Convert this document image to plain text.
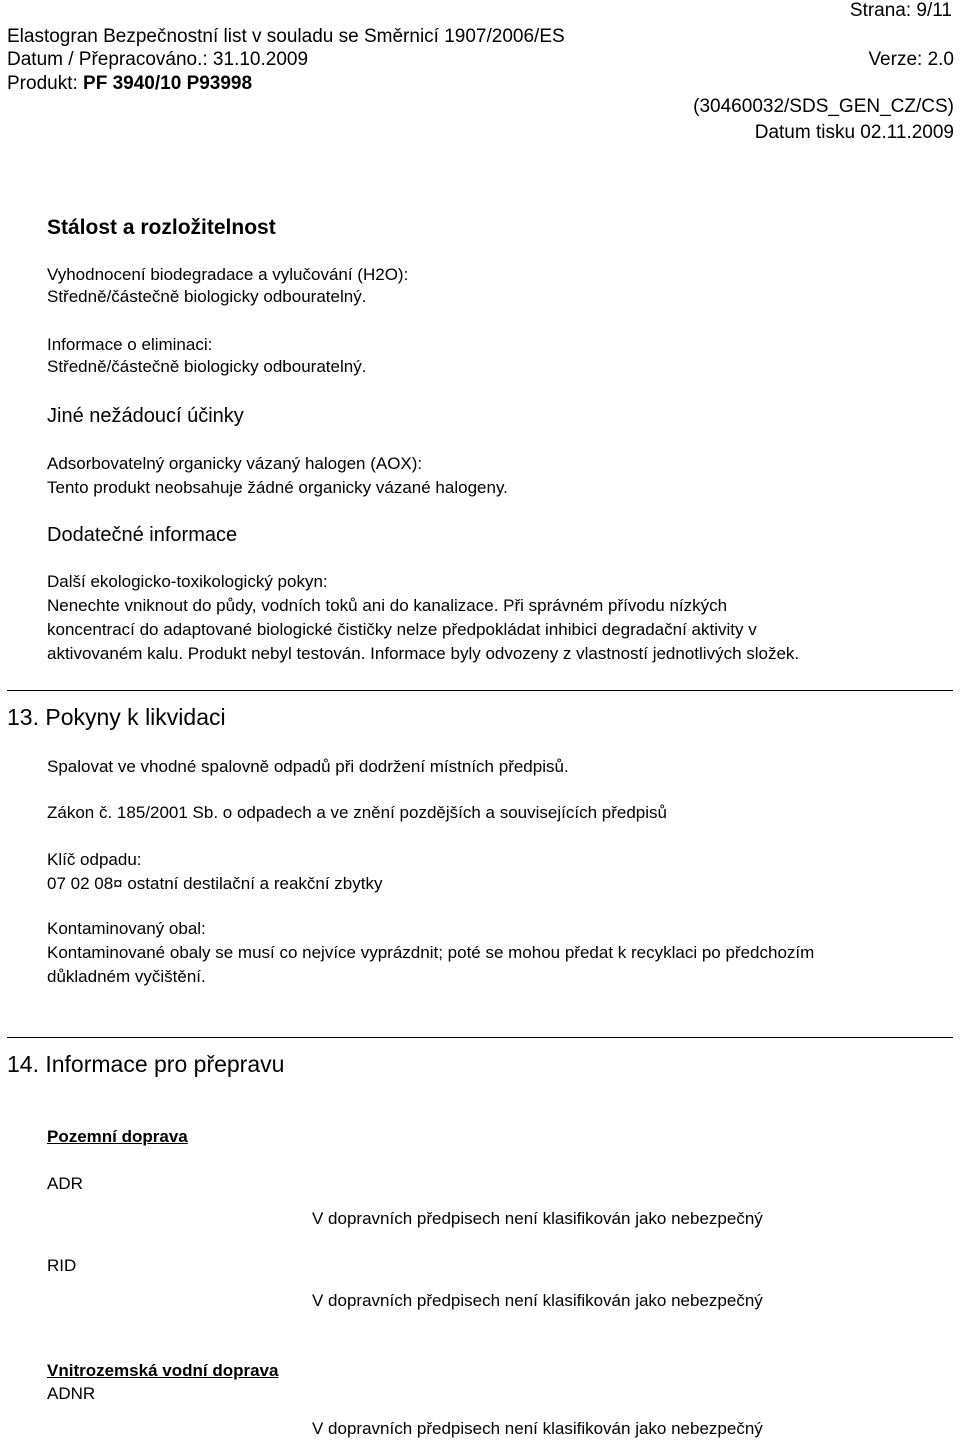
Strana: 9/11
Elastogran Bezpečnostní list v souladu se Směrnicí 1907/2006/ES
Datum / Přepracováno.: 31.10.2009	Verze: 2.0
Produkt: PF 3940/10 P93998
(30460032/SDS_GEN_CZ/CS)
Datum tisku 02.11.2009
Stálost a rozložitelnost
Vyhodnocení biodegradace a vylučování (H2O):
Středně/částečně biologicky odbouratelný.
Informace o eliminaci:
Středně/částečně biologicky odbouratelný.
Jiné nežádoucí účinky
Adsorbovatelný organicky vázaný halogen (AOX):
Tento produkt neobsahuje žádné organicky vázané halogeny.
Dodatečné informace
Další ekologicko-toxikologický pokyn:
Nenechte vniknout do půdy, vodních toků ani do kanalizace. Při správném přívodu nízkých
koncentrací do adaptované biologické čističky nelze předpokládat inhibici degradační aktivity v
aktivovaném kalu. Produkt nebyl testován. Informace byly odvozeny z vlastností jednotlivých složek.
13. Pokyny k likvidaci
Spalovat ve vhodné spalovně odpadů při dodržení místních předpisů.
Zákon č. 185/2001 Sb. o odpadech a ve znění pozdějších a souvisejících předpisů
Klíč odpadu:
07 02 08¤ ostatní destilační a reakční zbytky
Kontaminovaný obal:
Kontaminované obaly se musí co nejvíce vyprázdnit; poté se mohou předat k recyklaci po předchozím
důkladném vyčištění.
14. Informace pro přepravu
Pozemní doprava
ADR
V dopravních předpisech není klasifikován jako nebezpečný
RID
V dopravních předpisech není klasifikován jako nebezpečný
Vnitrozemská vodní doprava
ADNR
V dopravních předpisech není klasifikován jako nebezpečný
